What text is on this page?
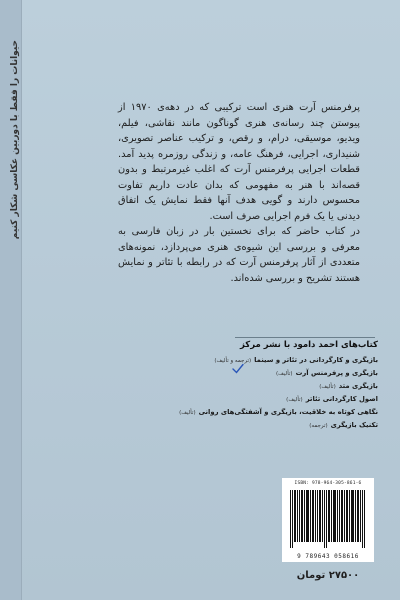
حیوانات را فقط با دوربین عکاسی شکار کنیم	پرفرمنس آرت هنری است ترکیبی که در دهه‌ی ۱۹۷۰ از پیوستن چند رسانه‌ی هنری گوناگون مانند نقاشی، فیلم، ویدیو، موسیقی، درام، و رقص، و ترکیب عناصر تصویری، شنیداری، اجرایی، فرهنگ عامه، و زندگی روزمره پدید آمد. قطعات اجرایی پرفرمنس آرت که اغلب غیرمرتبط و بدون قصه‌اند با هنر به مفهومی که بدان عادت داریم تفاوت محسوس دارند و گویی هدف آنها فقط نمایش یک اتفاق دیدنی یا یک فرم اجرایی صرف است.

در کتاب حاضر که برای نخستین بار در زبان فارسی به معرفی و بررسی این شیوه‌ی هنری می‌پردازد، نمونه‌های متعددی از آثار پرفرمنس آرت که در رابطه با تئاتر و نمایش هستند تشریح و بررسی شده‌اند.

کتاب‌های احمد دامود با نشر مرکز
بازیگری و کارگردانی در تئاتر و سینما(ترجمه و تألیف)
بازیگری و پرفرمنس آرت(تألیف)
بازیگری متد(تألیف)
اصول کارگردانی تئاتر(تألیف)
نگاهی کوتاه به خلاقیت، بازیگری و آشفتگی‌های روانی(تألیف)
تکنیک بازیگری(ترجمه)
ISBN: 978-964-305-861-6
9 789643 058616
۲۷۵۰۰ تومان
